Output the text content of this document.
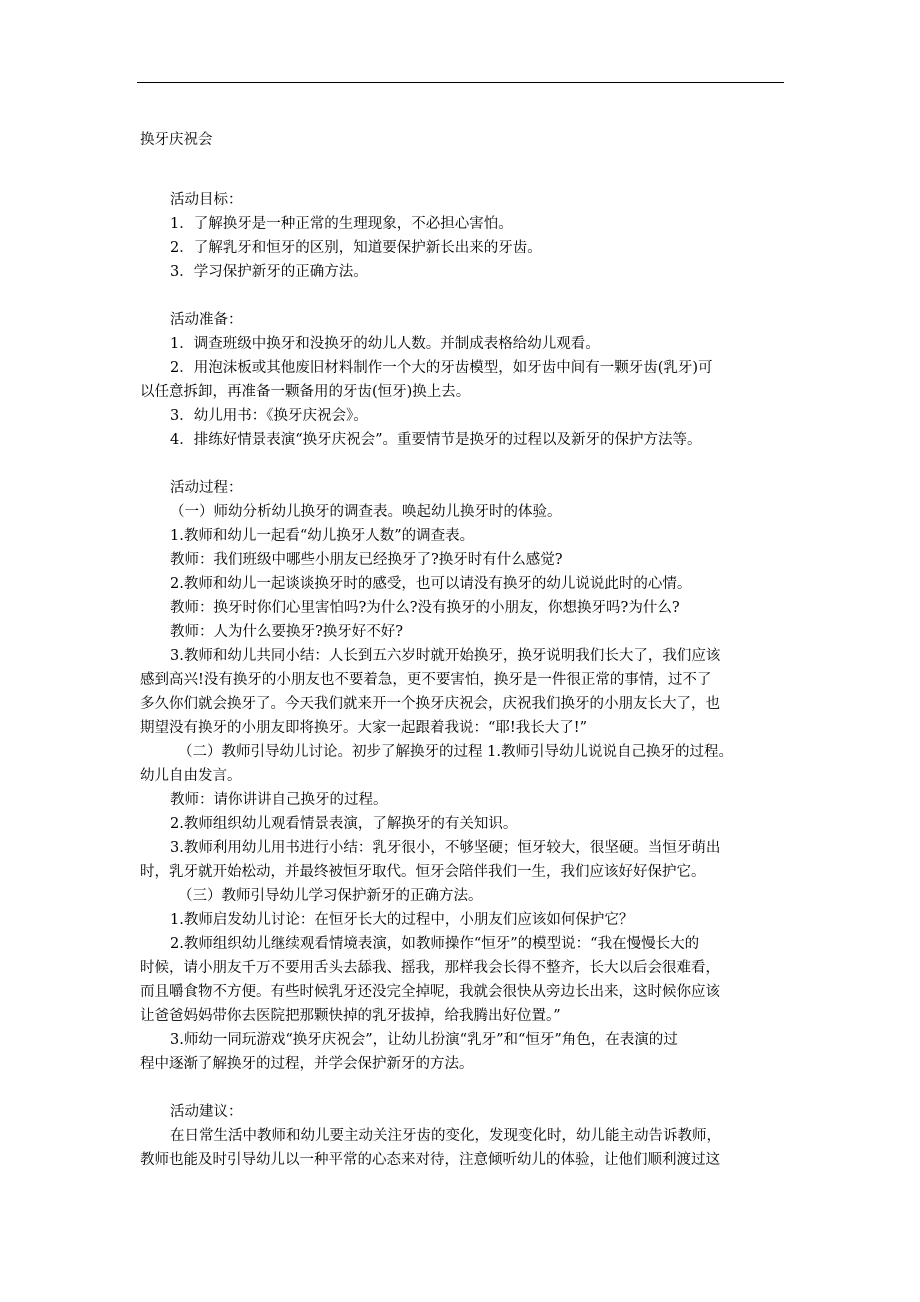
换牙庆祝会
活动目标：
1．了解换牙是一种正常的生理现象，不必担心害怕。
2．了解乳牙和恒牙的区别，知道要保护新长出来的牙齿。
3．学习保护新牙的正确方法。
活动准备：
1．调查班级中换牙和没换牙的幼儿人数。并制成表格给幼儿观看。
2．用泡沫板或其他废旧材料制作一个大的牙齿模型，如牙齿中间有一颗牙齿(乳牙)可
以任意拆卸，再准备一颗备用的牙齿(恒牙)换上去。
3．幼儿用书：《换牙庆祝会》。
4．排练好情景表演“换牙庆祝会”。重要情节是换牙的过程以及新牙的保护方法等。
活动过程：
（一）师幼分析幼儿换牙的调查表。唤起幼儿换牙时的体验。
1.教师和幼儿一起看“幼儿换牙人数”的调查表。
教师：我们班级中哪些小朋友已经换牙了?换牙时有什么感觉?
2.教师和幼儿一起谈谈换牙时的感受，也可以请没有换牙的幼儿说说此时的心情。
教师：换牙时你们心里害怕吗?为什么?没有换牙的小朋友，你想换牙吗?为什么?
教师：人为什么要换牙?换牙好不好?
3.教师和幼儿共同小结：人长到五六岁时就开始换牙，换牙说明我们长大了，我们应该
感到高兴!没有换牙的小朋友也不要着急，更不要害怕，换牙是一件很正常的事情，过不了
多久你们就会换牙了。今天我们就来开一个换牙庆祝会，庆祝我们换牙的小朋友长大了，也
期望没有换牙的小朋友即将换牙。大家一起跟着我说：“耶!我长大了!”
（二）教师引导幼儿讨论。初步了解换牙的过程 1.教师引导幼儿说说自己换牙的过程。
幼儿自由发言。
教师：请你讲讲自己换牙的过程。
2.教师组织幼儿观看情景表演，了解换牙的有关知识。
3.教师利用幼儿用书进行小结：乳牙很小，不够坚硬；恒牙较大，很坚硬。当恒牙萌出
时，乳牙就开始松动，并最终被恒牙取代。恒牙会陪伴我们一生，我们应该好好保护它。
（三）教师引导幼儿学习保护新牙的正确方法。
1.教师启发幼儿讨论：在恒牙长大的过程中，小朋友们应该如何保护它？
2.教师组织幼儿继续观看情境表演，如教师操作“恒牙”的模型说：“我在慢慢长大的
时候，请小朋友千万不要用舌头去舔我、摇我，那样我会长得不整齐，长大以后会很难看，
而且嚼食物不方便。有些时候乳牙还没完全掉呢，我就会很快从旁边长出来，这时候你应该
让爸爸妈妈带你去医院把那颗快掉的乳牙拔掉，给我腾出好位置。”
3.师幼一同玩游戏“换牙庆祝会”，让幼儿扮演“乳牙”和“恒牙”角色，在表演的过
程中逐渐了解换牙的过程，并学会保护新牙的方法。
活动建议：
在日常生活中教师和幼儿要主动关注牙齿的变化，发现变化时，幼儿能主动告诉教师，
教师也能及时引导幼儿以一种平常的心态来对待，注意倾听幼儿的体验，让他们顺利渡过这
